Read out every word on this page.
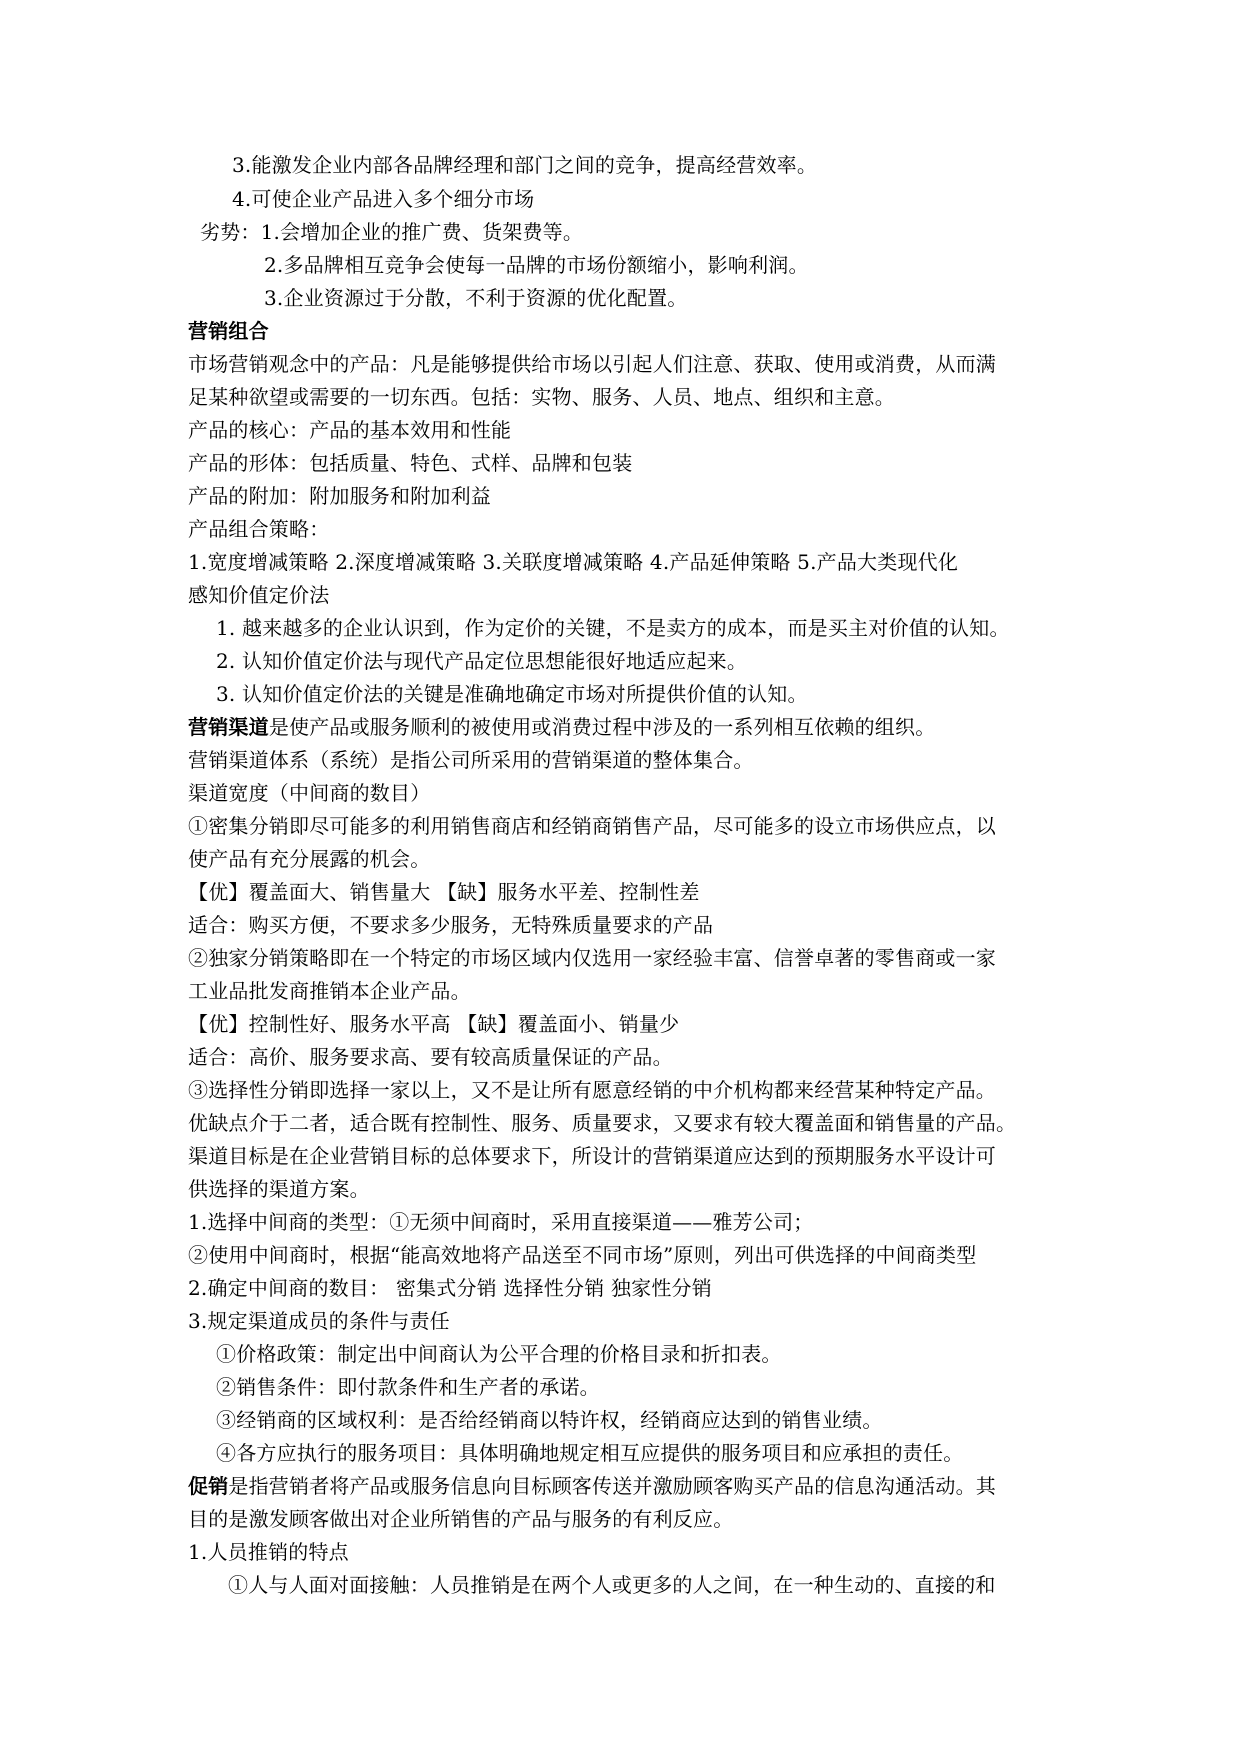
3.能激发企业内部各品牌经理和部门之间的竞争，提高经营效率。
4.可使企业产品进入多个细分市场
劣势：1.会增加企业的推广费、货架费等。
2.多品牌相互竞争会使每一品牌的市场份额缩小，影响利润。
3.企业资源过于分散，不利于资源的优化配置。
营销组合
市场营销观念中的产品：凡是能够提供给市场以引起人们注意、获取、使用或消费，从而满
足某种欲望或需要的一切东西。包括：实物、服务、人员、地点、组织和主意。
产品的核心：产品的基本效用和性能
产品的形体：包括质量、特色、式样、品牌和包装
产品的附加：附加服务和附加利益
产品组合策略：
1.宽度增减策略 2.深度增减策略 3.关联度增减策略 4.产品延伸策略 5.产品大类现代化
感知价值定价法
1. 越来越多的企业认识到，作为定价的关键，不是卖方的成本，而是买主对价值的认知。
2. 认知价值定价法与现代产品定位思想能很好地适应起来。
3. 认知价值定价法的关键是准确地确定市场对所提供价值的认知。
营销渠道是使产品或服务顺利的被使用或消费过程中涉及的一系列相互依赖的组织。
营销渠道体系（系统）是指公司所采用的营销渠道的整体集合。
渠道宽度（中间商的数目）
①密集分销即尽可能多的利用销售商店和经销商销售产品，尽可能多的设立市场供应点，以
使产品有充分展露的机会。
【优】覆盖面大、销售量大 【缺】服务水平差、控制性差
适合：购买方便，不要求多少服务，无特殊质量要求的产品
②独家分销策略即在一个特定的市场区域内仅选用一家经验丰富、信誉卓著的零售商或一家
工业品批发商推销本企业产品。
【优】控制性好、服务水平高 【缺】覆盖面小、销量少
适合：高价、服务要求高、要有较高质量保证的产品。
③选择性分销即选择一家以上，又不是让所有愿意经销的中介机构都来经营某种特定产品。
优缺点介于二者，适合既有控制性、服务、质量要求，又要求有较大覆盖面和销售量的产品。
渠道目标是在企业营销目标的总体要求下，所设计的营销渠道应达到的预期服务水平设计可
供选择的渠道方案。
1.选择中间商的类型：①无须中间商时，采用直接渠道——雅芳公司；
②使用中间商时，根据“能高效地将产品送至不同市场”原则，列出可供选择的中间商类型
2.确定中间商的数目： 密集式分销 选择性分销 独家性分销
3.规定渠道成员的条件与责任
①价格政策：制定出中间商认为公平合理的价格目录和折扣表。
②销售条件：即付款条件和生产者的承诺。
③经销商的区域权利：是否给经销商以特许权，经销商应达到的销售业绩。
④各方应执行的服务项目：具体明确地规定相互应提供的服务项目和应承担的责任。
促销是指营销者将产品或服务信息向目标顾客传送并激励顾客购买产品的信息沟通活动。其
目的是激发顾客做出对企业所销售的产品与服务的有利反应。
1.人员推销的特点
①人与人面对面接触：人员推销是在两个人或更多的人之间，在一种生动的、直接的和
